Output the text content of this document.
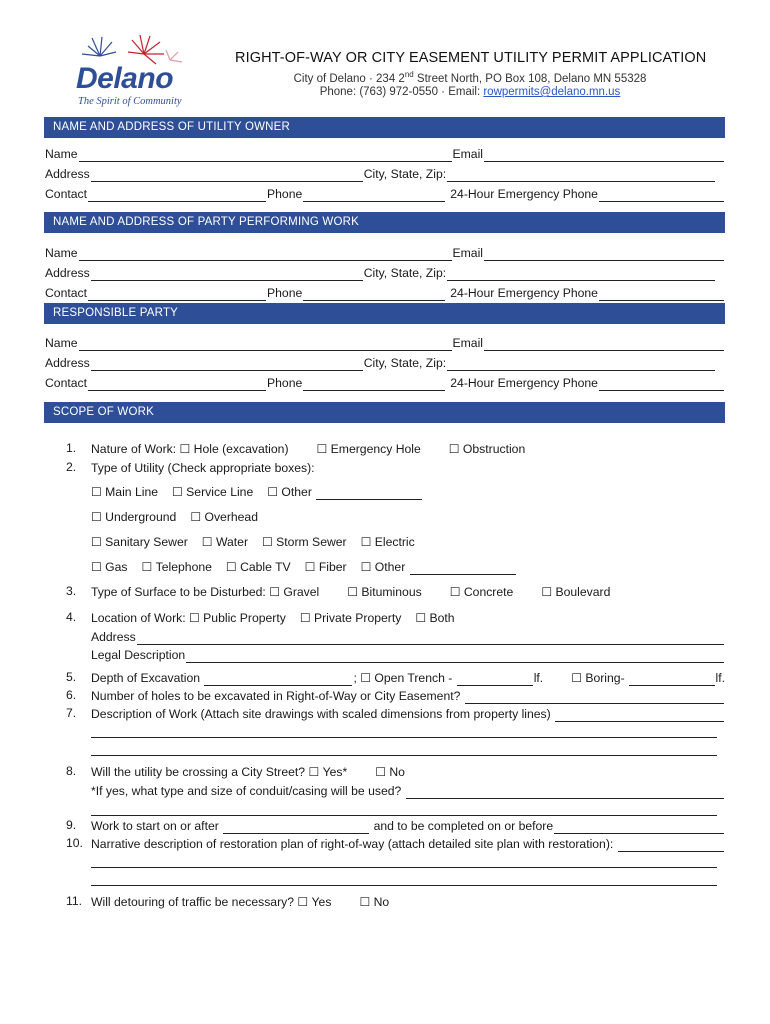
Delano
The Spirit of Community
RIGHT-OF-WAY OR CITY EASEMENT UTILITY PERMIT APPLICATION
City of Delano · 234 2nd Street North, PO Box 108, Delano MN 55328
Phone: (763) 972-0550 · Email: rowpermits@delano.mn.us
NAME AND ADDRESS OF UTILITY OWNER
Name	Email
Address	City, State, Zip:
Contact	Phone	24-Hour Emergency Phone
NAME AND ADDRESS OF PARTY PERFORMING WORK
Name	Email
Address	City, State, Zip:
Contact	Phone	24-Hour Emergency Phone
RESPONSIBLE PARTY
Name	Email
Address	City, State, Zip:
Contact	Phone	24-Hour Emergency Phone
SCOPE OF WORK
1. Nature of Work:
☐
Hole (excavation) ☐
Emergency Hole ☐
Obstruction
2. Type of Utility (Check appropriate boxes):
☐
Main Line ☐
Service Line ☐
Other

☐
Underground ☐
Overhead
☐
Sanitary Sewer ☐
Water ☐
Storm Sewer ☐
Electric
☐
Gas ☐
Telephone ☐
Cable TV ☐
Fiber ☐
Other

3. Type of Surface to be Disturbed:
☐
Gravel ☐
Bituminous ☐
Concrete ☐
Boulevard
4. Location of Work:
☐
Public Property ☐
Private Property ☐
Both
Address
Legal Description
5. Depth of Excavation
	;
☐
Open Trench -
	lf. ☐
Boring-
	lf.
6. Number of holes to be excavated in Right-of-Way or City Easement?

7. Description of Work (Attach site drawings with scaled dimensions from property lines)

8. Will the utility be crossing a City Street?
☐
Yes* ☐
No
*If yes, what type and size of conduit/casing will be used?

9. Work to start on or after

	and to be completed on or before
10. Narrative description of restoration plan of right-of-way (attach detailed site plan with restoration):

11. Will detouring of traffic be necessary?
☐
Yes ☐
No
